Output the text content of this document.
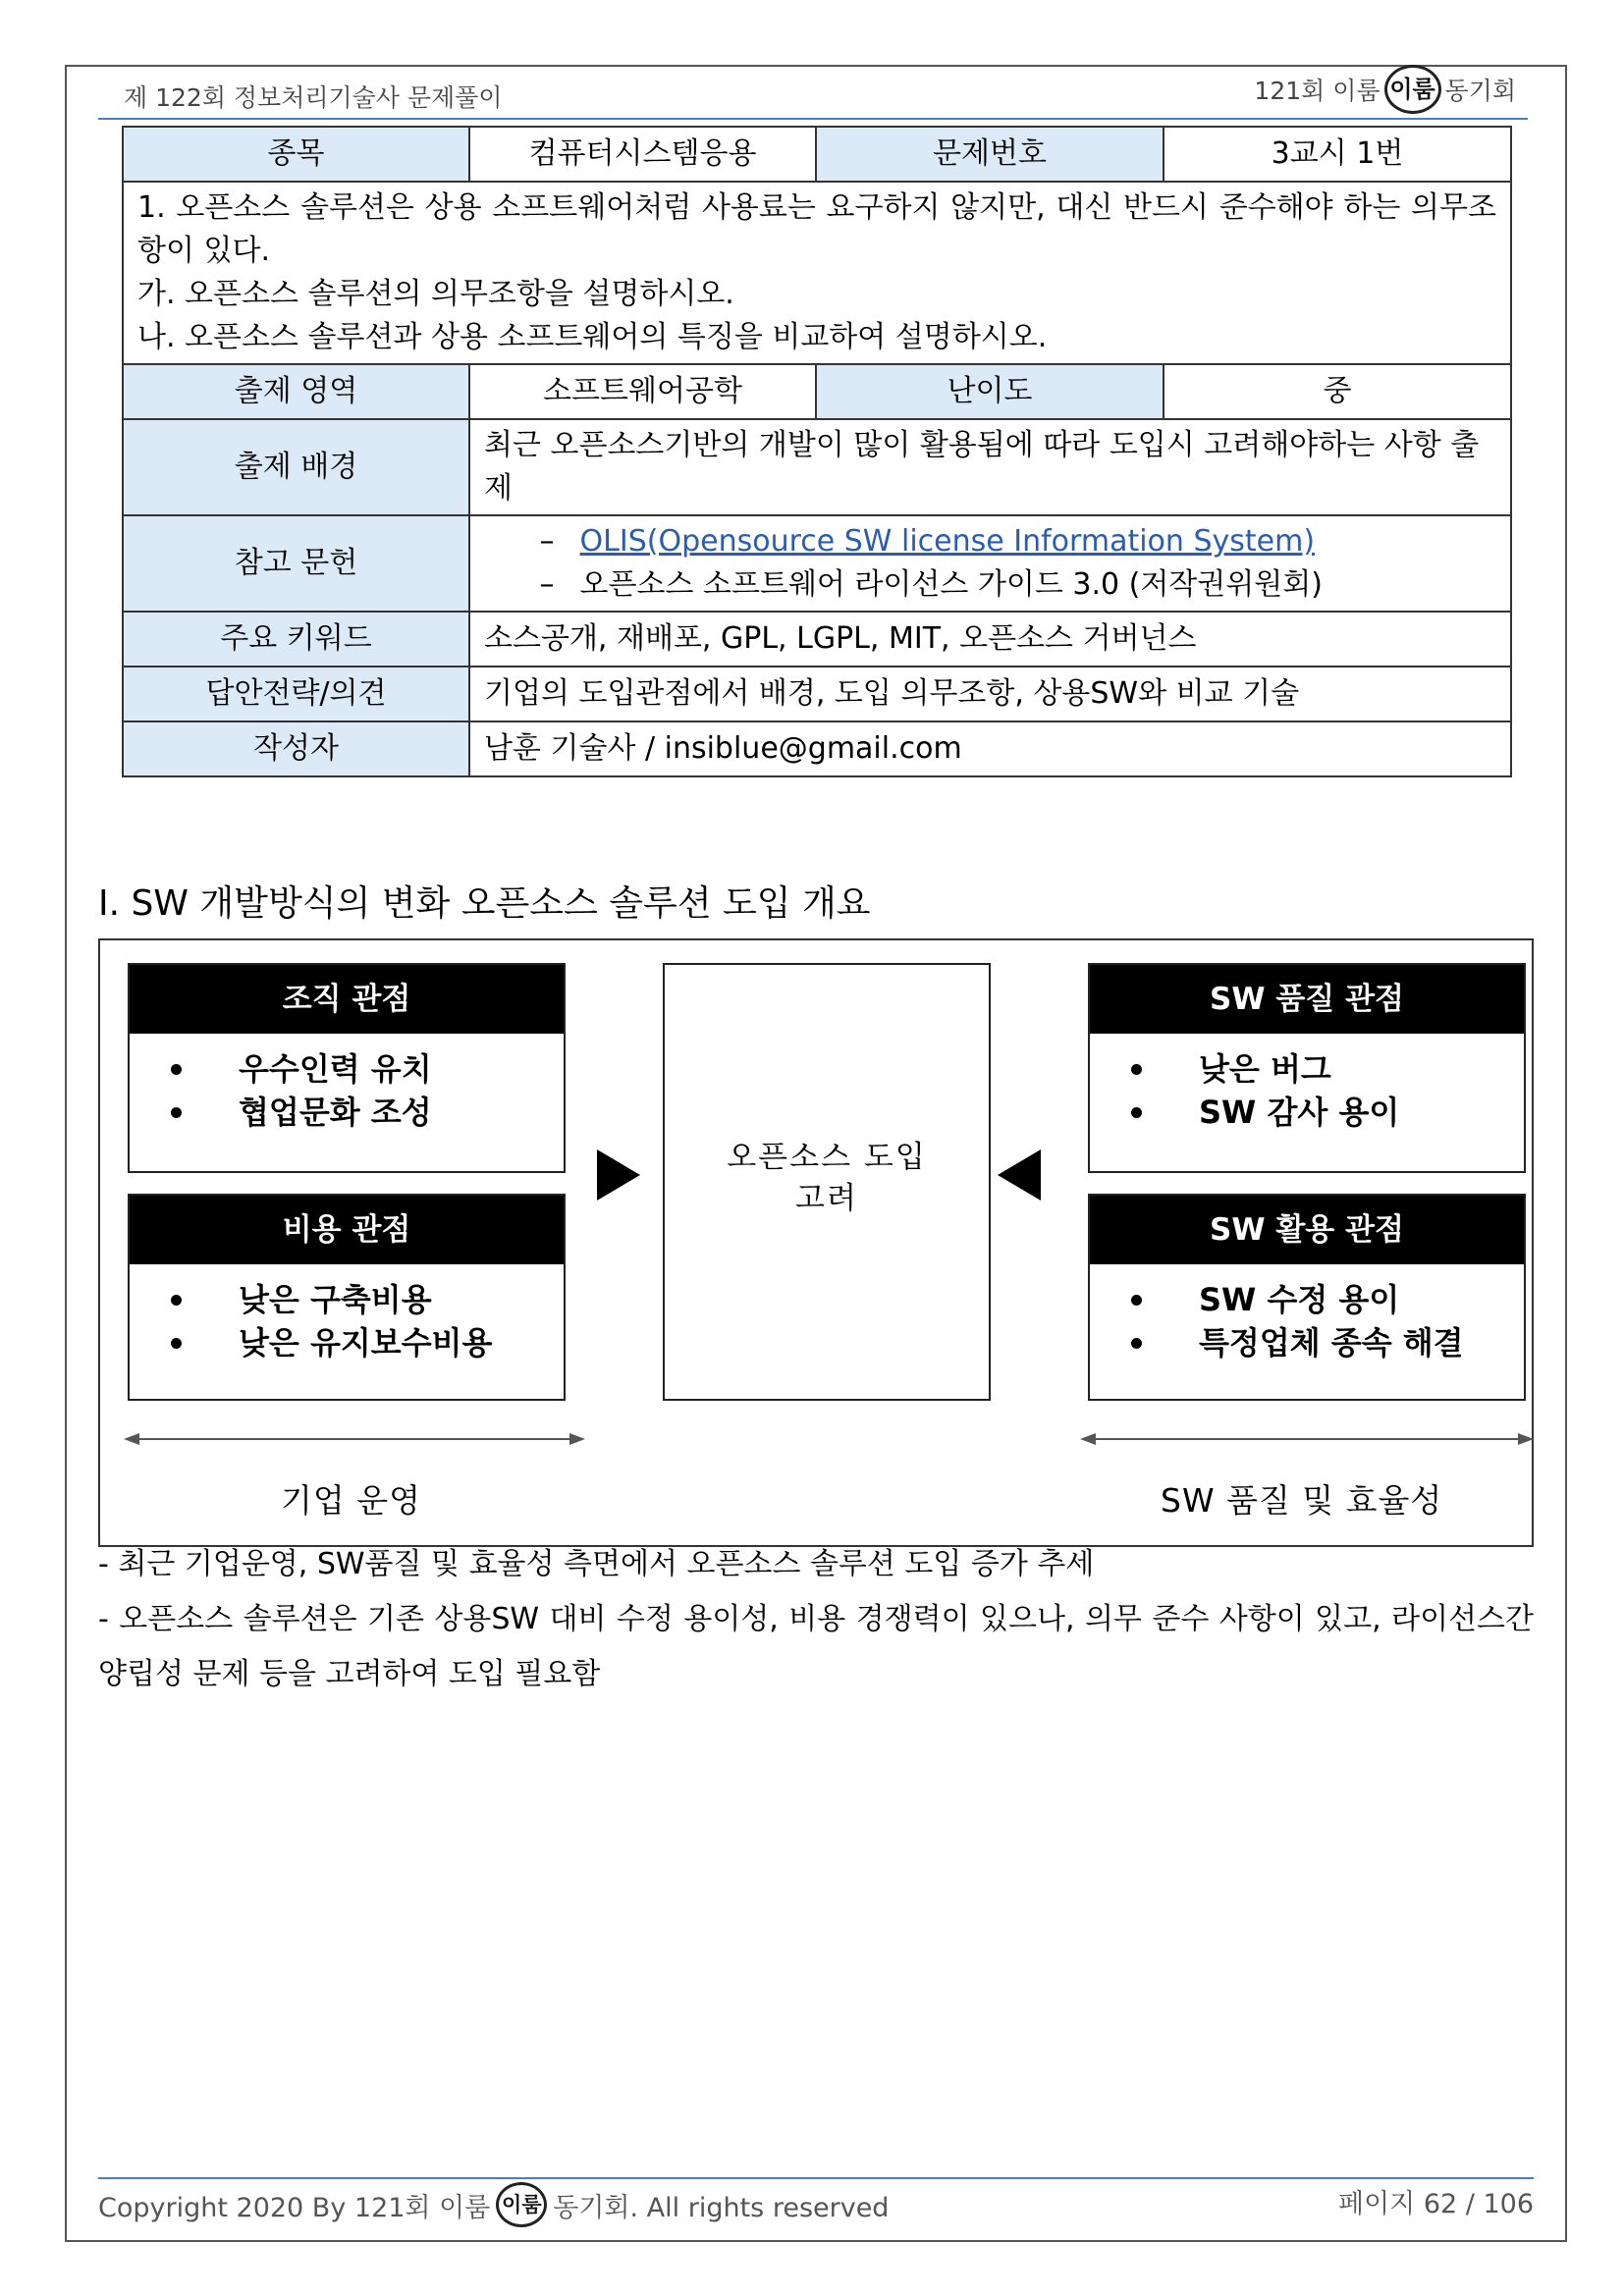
제 122회 정보처리기술사 문제풀이	121회 이룸 이룸 동기회
종목	컴퓨터시스템응용	문제번호	3교시 1번

1. 오픈소스 솔루션은 상용 소프트웨어처럼 사용료는 요구하지 않지만, 대신 반드시 준수해야 하는 의무조항이 있다.
가. 오픈소스 솔루션의 의무조항을 설명하시오.
나. 오픈소스 솔루션과 상용 소프트웨어의 특징을 비교하여 설명하시오.			

출제 영역	소프트웨어공학	난이도	중
출제 배경	최근 오픈소스기반의 개발이 많이 활용됨에 따라 도입시 고려해야하는 사항 출제		
참고 문헌	– OLIS(Opensource SW license Information System)
– 오픈소스 소프트웨어 라이선스 가이드 3.0 (저작권위원회)		

주요 키워드	소스공개, 재배포, GPL, LGPL, MIT, 오픈소스 거버넌스		
답안전략/의견	기업의 도입관점에서 배경, 도입 의무조항, 상용SW와 비교 기술		
작성자	남훈 기술사 / insiblue@gmail.com		
I. SW 개발방식의 변화 오픈소스 솔루션 도입 개요
조직 관점
우수인력 유치
협업문화 조성
비용 관점
낮은 구축비용
낮은 유지보수비용
오픈소스 도입
고려
SW 품질 관점
낮은 버그
SW 감사 용이
SW 활용 관점
SW 수정 용이
특정업체 종속 해결
기업 운영	SW 품질 및 효율성
- 최근 기업운영, SW품질 및 효율성 측면에서 오픈소스 솔루션 도입 증가 추세
- 오픈소스 솔루션은 기존 상용SW 대비 수정 용이성, 비용 경쟁력이 있으나, 의무 준수 사항이 있고, 라이선스간 양립성 문제 등을 고려하여 도입 필요함
Copyright 2020 By 121회 이룸 이룸 동기회. All rights reserved	페이지 62 / 106
